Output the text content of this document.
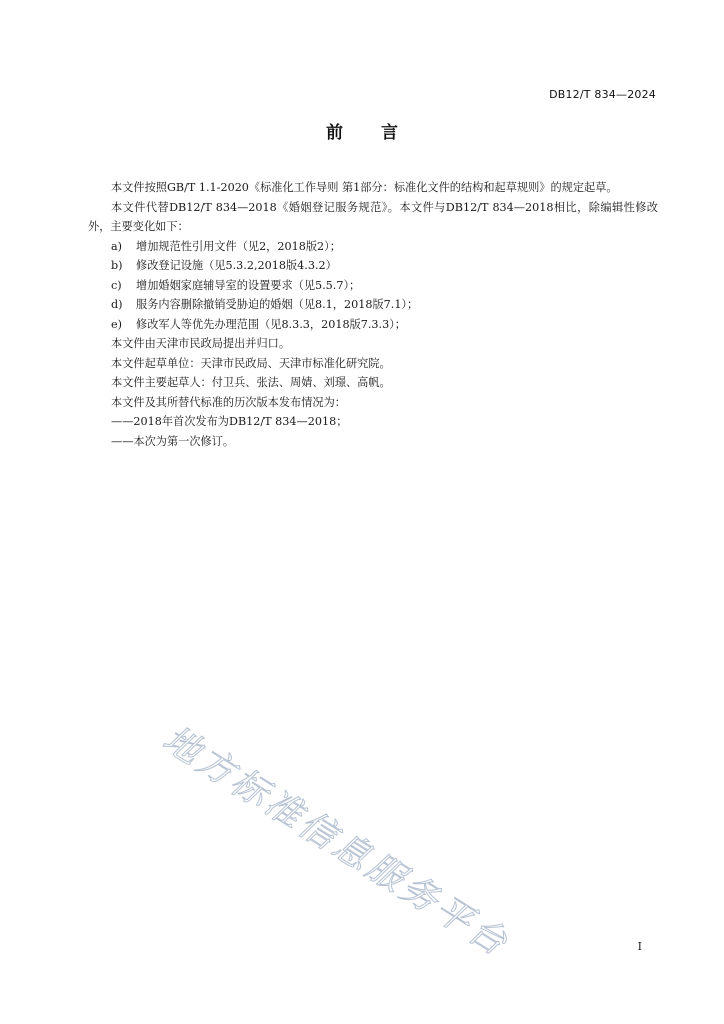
DB12/T 834—2024
前言

本文件按照GB/T 1.1-2020《标准化工作导则 第1部分：标准化文件的结构和起草规则》的规定起草。

本文件代替DB12/T 834—2018《婚姻登记服务规范》。本文件与DB12/T 834—2018相比，除编辑性修改外，主要变化如下：

a)	增加规范性引用文件（见2，2018版2）；
b)	修改登记设施（见5.3.2,2018版4.3.2）
c)	增加婚姻家庭辅导室的设置要求（见5.5.7）；
d)	服务内容删除撤销受胁迫的婚姻（见8.1，2018版7.1）；
e)	修改军人等优先办理范围（见8.3.3，2018版7.3.3）；

本文件由天津市民政局提出并归口。

本文件起草单位：天津市民政局、天津市标准化研究院。

本文件主要起草人：付卫兵、张法、周婧、刘璟、高帆。

本文件及其所替代标准的历次版本发布情况为：

——2018年首次发布为DB12/T 834—2018；

——本次为第一次修订。

地方标准信息服务平台	I
